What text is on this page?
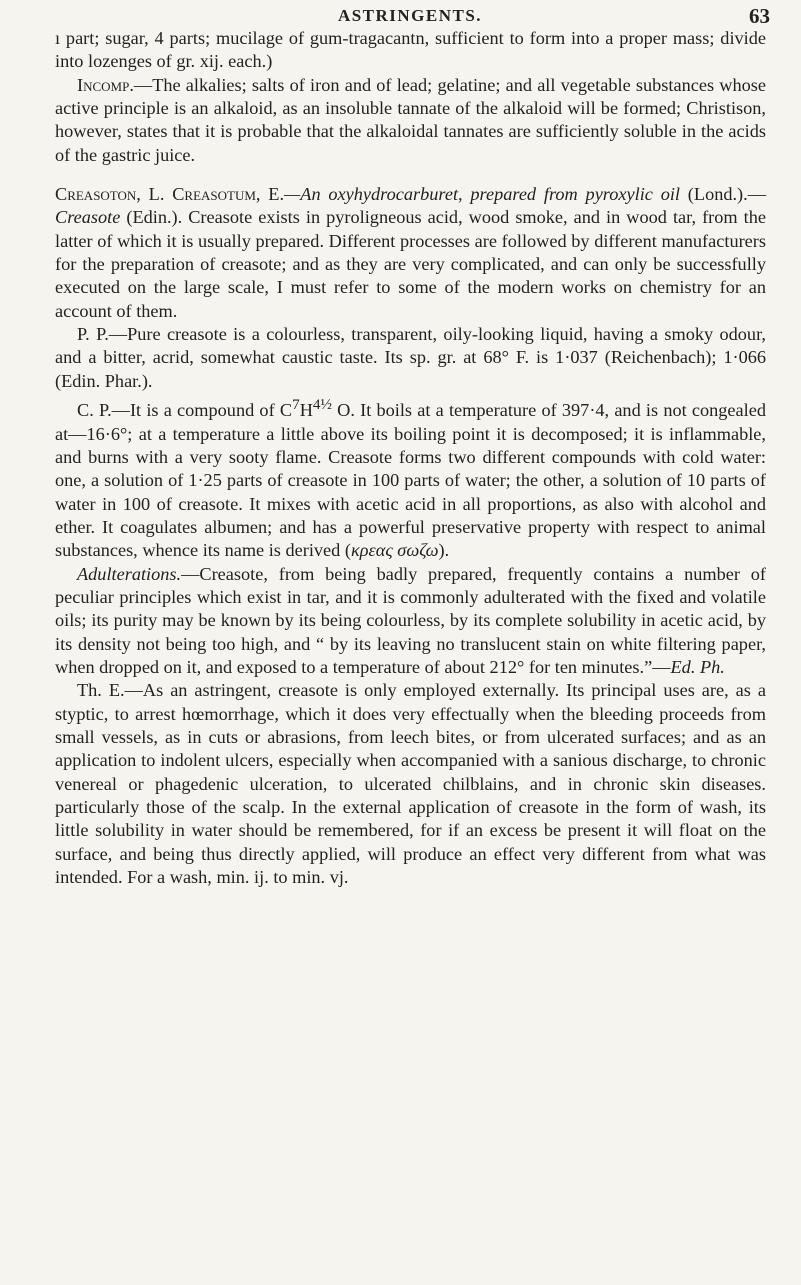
ASTRINGENTS.	63

ı part; sugar, 4 parts; mucilage of gum-tragacantn, sufficient to form into a proper mass; divide into lozenges of gr. xij. each.)

Incomp.—The alkalies; salts of iron and of lead; gelatine; and all vegetable substances whose active principle is an alkaloid, as an insoluble tannate of the alkaloid will be formed; Christison, however, states that it is probable that the alkaloidal tannates are sufficiently soluble in the acids of the gastric juice.

Creasoton, L. Creasotum, E.—An oxyhydrocarburet, prepared from pyroxylic oil (Lond.).—Creasote (Edin.). Creasote exists in pyroligneous acid, wood smoke, and in wood tar, from the latter of which it is usually prepared. Different processes are followed by different manufacturers for the preparation of creasote; and as they are very complicated, and can only be successfully executed on the large scale, I must refer to some of the modern works on chemistry for an account of them.

P. P.—Pure creasote is a colourless, transparent, oily-looking liquid, having a smoky odour, and a bitter, acrid, somewhat caustic taste. Its sp. gr. at 68° F. is 1·037 (Reichenbach); 1·066 (Edin. Phar.).

C. P.—It is a compound of $C^7H^{4\frac{1}{2}}$ O. It boils at a temperature of 397·4, and is not congealed at—16·6°; at a temperature a little above its boiling point it is decomposed; it is inflammable, and burns with a very sooty flame. Creasote forms two different compounds with cold water: one, a solution of 1·25 parts of creasote in 100 parts of water; the other, a solution of 10 parts of water in 100 of creasote. It mixes with acetic acid in all proportions, as also with alcohol and ether. It coagulates albumen; and has a powerful preservative property with respect to animal substances, whence its name is derived (κρεας σωζω).

Adulterations.—Creasote, from being badly prepared, frequently contains a number of peculiar principles which exist in tar, and it is commonly adulterated with the fixed and volatile oils; its purity may be known by its being colourless, by its complete solubility in acetic acid, by its density not being too high, and “ by its leaving no translucent stain on white filtering paper, when dropped on it, and exposed to a temperature of about 212° for ten minutes.”—Ed. Ph.

Th. E.—As an astringent, creasote is only employed externally. Its principal uses are, as a styptic, to arrest hœmorrhage, which it does very effectually when the bleeding proceeds from small vessels, as in cuts or abrasions, from leech bites, or from ulcerated surfaces; and as an application to indolent ulcers, especially when accompanied with a sanious discharge, to chronic venereal or phagedenic ulceration, to ulcerated chilblains, and in chronic skin diseases. particularly those of the scalp. In the external application of creasote in the form of wash, its little solubility in water should be remembered, for if an excess be present it will float on the surface, and being thus directly applied, will produce an effect very different from what was intended. For a wash, min. ij. to min. vj.
